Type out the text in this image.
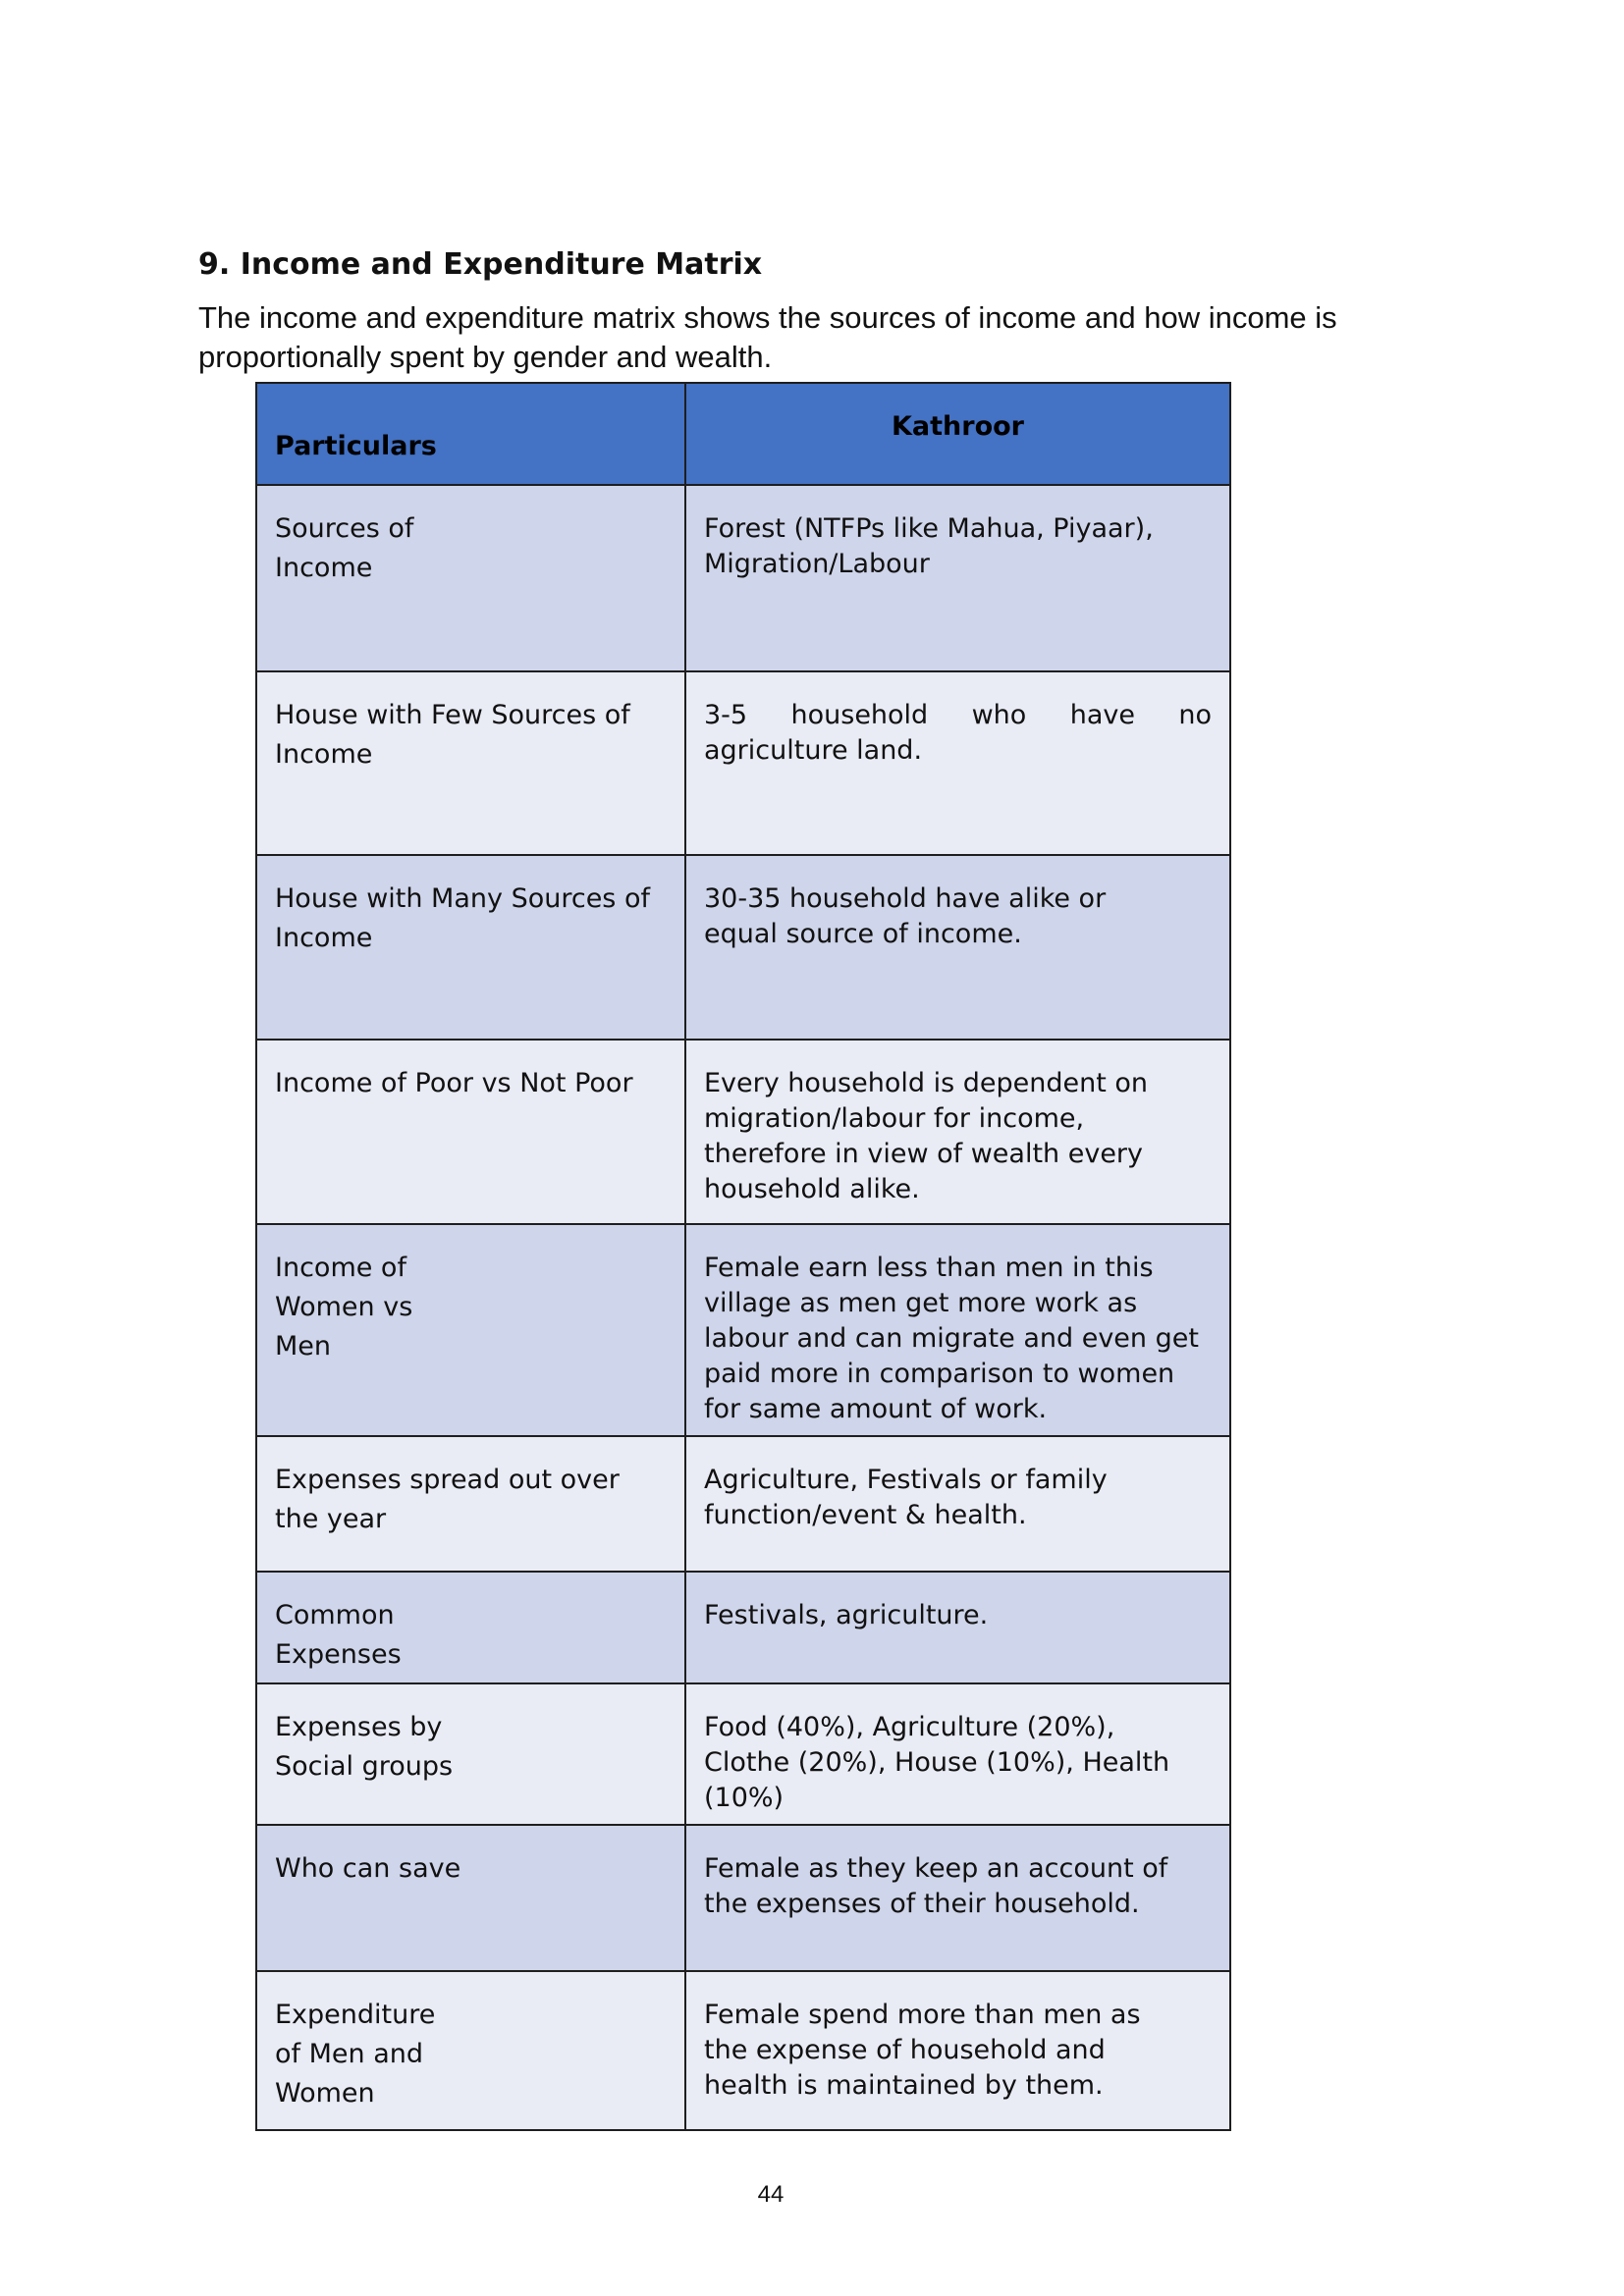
9. Income and Expenditure Matrix

The income and expenditure matrix shows the sources of income and how income is proportionally spent by gender and wealth.

Particulars	Kathroor
Sources of Income	Forest (NTFPs like Mahua, Piyaar), Migration/Labour
House with Few Sources of Income	3-5 household who have no agriculture land.
House with Many Sources of Income	30-35 household have alike or equal source of income.
Income of Poor vs Not Poor	Every household is dependent on migration/labour for income, therefore in view of wealth every household alike.
Income of Women vs Men	Female earn less than men in this village as men get more work as labour and can migrate and even get paid more in comparison to women for same amount of work.
Expenses spread out over the year	Agriculture, Festivals or family function/event & health.
Common Expenses	Festivals, agriculture.
Expenses by Social groups	Food (40%), Agriculture (20%), Clothe (20%), House (10%), Health (10%)
Who can save	Female as they keep an account of the expenses of their household.
Expenditure of Men and Women	Female spend more than men as the expense of household and health is maintained by them.
44
